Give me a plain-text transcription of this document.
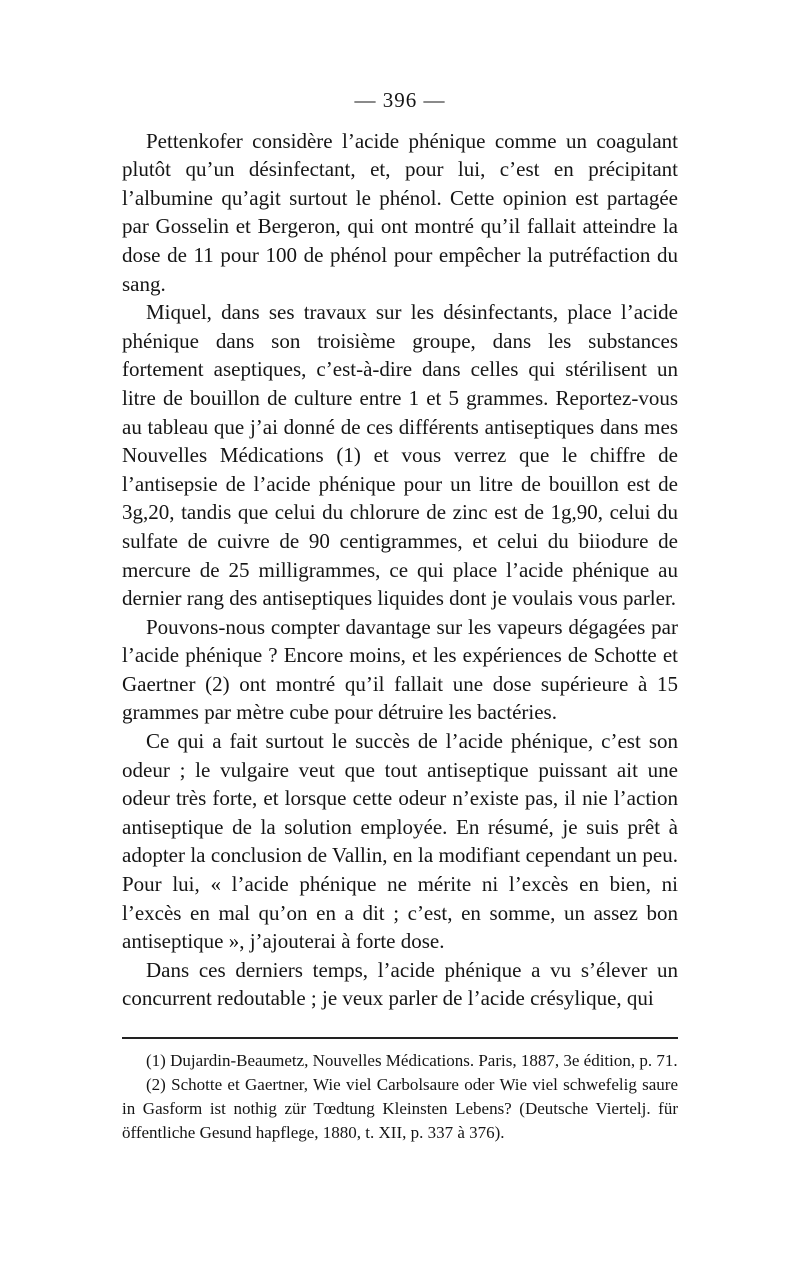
— 396 —

Pettenkofer considère l’acide phénique comme un coagulant plutôt qu’un désinfectant, et, pour lui, c’est en précipitant l’albumine qu’agit surtout le phénol. Cette opinion est partagée par Gosselin et Bergeron, qui ont montré qu’il fallait atteindre la dose de 11 pour 100 de phénol pour empêcher la putréfaction du sang.

Miquel, dans ses travaux sur les désinfectants, place l’acide phénique dans son troisième groupe, dans les substances fortement aseptiques, c’est-à-dire dans celles qui stérilisent un litre de bouillon de culture entre 1 et 5 grammes. Reportez-vous au tableau que j’ai donné de ces différents antiseptiques dans mes Nouvelles Médications (1) et vous verrez que le chiffre de l’antisepsie de l’acide phénique pour un litre de bouillon est de 3g,20, tandis que celui du chlorure de zinc est de 1g,90, celui du sulfate de cuivre de 90 centigrammes, et celui du biiodure de mercure de 25 milligrammes, ce qui place l’acide phénique au dernier rang des antiseptiques liquides dont je voulais vous parler.

Pouvons-nous compter davantage sur les vapeurs dégagées par l’acide phénique ? Encore moins, et les expériences de Schotte et Gaertner (2) ont montré qu’il fallait une dose supérieure à 15 grammes par mètre cube pour détruire les bactéries.

Ce qui a fait surtout le succès de l’acide phénique, c’est son odeur ; le vulgaire veut que tout antiseptique puissant ait une odeur très forte, et lorsque cette odeur n’existe pas, il nie l’action antiseptique de la solution employée. En résumé, je suis prêt à adopter la conclusion de Vallin, en la modifiant cependant un peu. Pour lui, « l’acide phénique ne mérite ni l’excès en bien, ni l’excès en mal qu’on en a dit ; c’est, en somme, un assez bon antiseptique », j’ajouterai à forte dose.

Dans ces derniers temps, l’acide phénique a vu s’élever un concurrent redoutable ; je veux parler de l’acide crésylique, qui

(1) Dujardin-Beaumetz, Nouvelles Médications. Paris, 1887, 3e édition, p. 71.

(2) Schotte et Gaertner, Wie viel Carbolsaure oder Wie viel schwefelig saure in Gasform ist nothig zür Tœdtung Kleinsten Lebens? (Deutsche Viertelj. für öffentliche Gesund hapflege, 1880, t. XII, p. 337 à 376).
